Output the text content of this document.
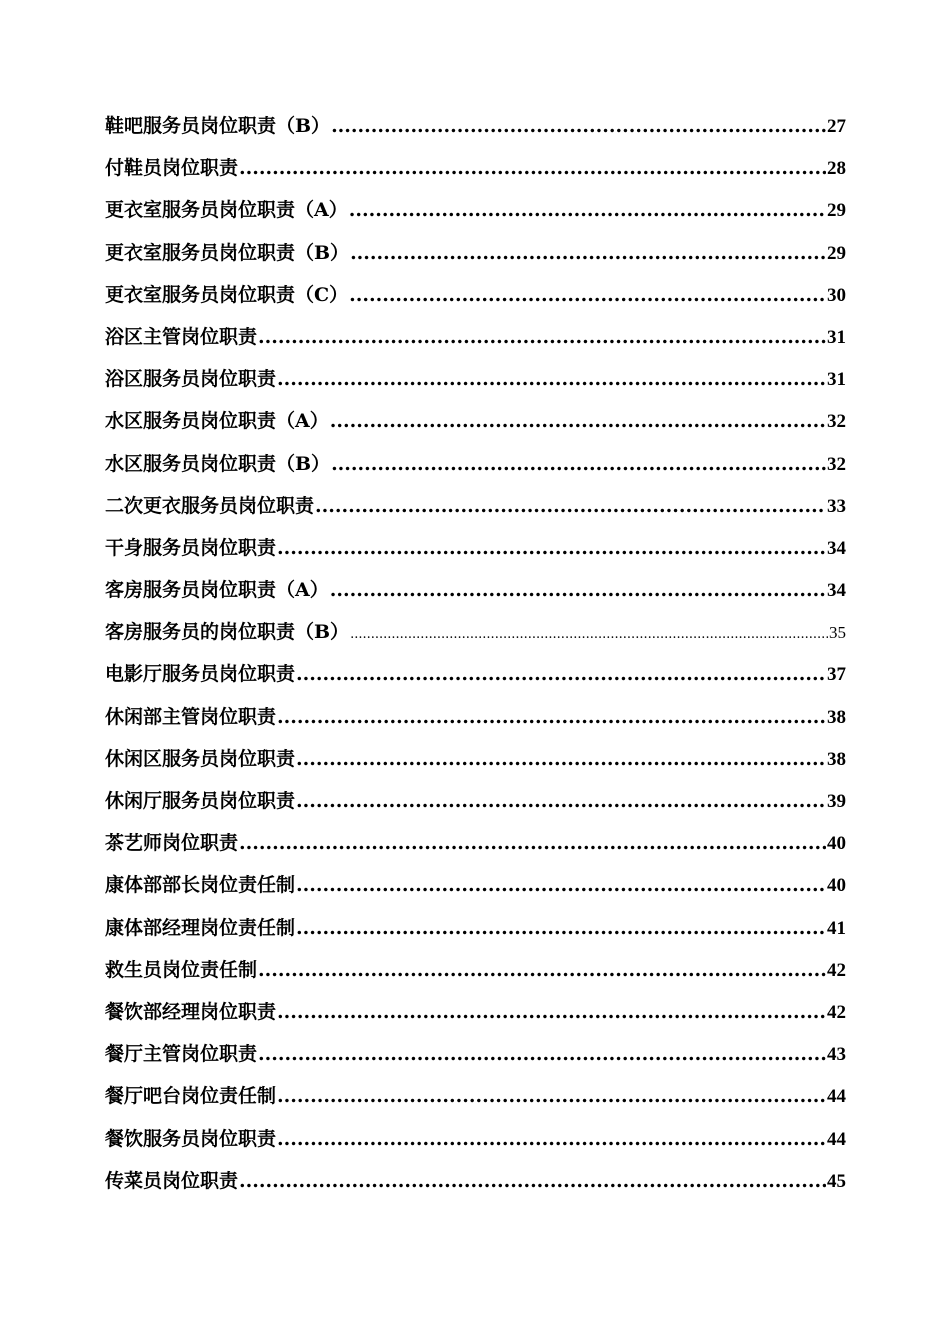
鞋吧服务员岗位职责（B） .....	27
付鞋员岗位职责 .....	28
更衣室服务员岗位职责（A） .....	29
更衣室服务员岗位职责（B） .....	29
更衣室服务员岗位职责（C） .....	30
浴区主管岗位职责 .....	31
浴区服务员岗位职责 .....	31
水区服务员岗位职责（A） .....	32
水区服务员岗位职责（B） .....	32
二次更衣服务员岗位职责 .....	33
干身服务员岗位职责 .....	34
客房服务员岗位职责（A） .....	34
客房服务员的岗位职责（B） .....	35
电影厅服务员岗位职责 .....	37
休闲部主管岗位职责 .....	38
休闲区服务员岗位职责 .....	38
休闲厅服务员岗位职责 .....	39
茶艺师岗位职责 .....	40
康体部部长岗位责任制 .....	40
康体部经理岗位责任制 .....	41
救生员岗位责任制 .....	42
餐饮部经理岗位职责 .....	42
餐厅主管岗位职责 .....	43
餐厅吧台岗位责任制 .....	44
餐饮服务员岗位职责 .....	44
传菜员岗位职责 .....	45
